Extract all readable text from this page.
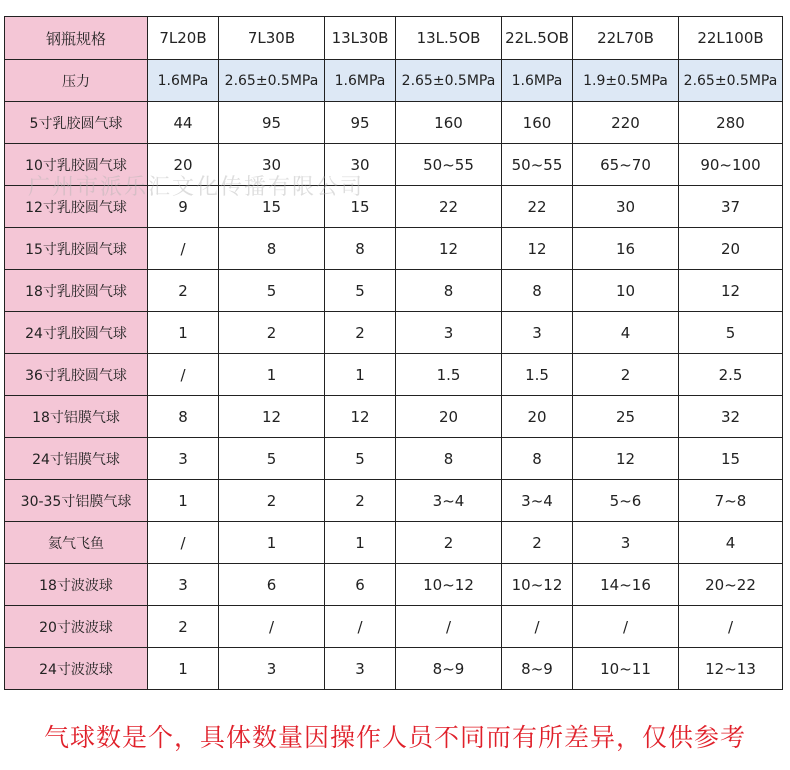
钢瓶规格	7L20B	7L30B	13L30B	13L.5OB	22L.5OB	22L70B	22L100B
压力	1.6MPa	2.65±0.5MPa	1.6MPa	2.65±0.5MPa	1.6MPa	1.9±0.5MPa	2.65±0.5MPa
5寸乳胶圆气球	44	95	95	160	160	220	280
10寸乳胶圆气球	20	30	30	50~55	50~55	65~70	90~100
12寸乳胶圆气球	9	15	15	22	22	30	37
15寸乳胶圆气球	/	8	8	12	12	16	20
18寸乳胶圆气球	2	5	5	8	8	10	12
24寸乳胶圆气球	1	2	2	3	3	4	5
36寸乳胶圆气球	/	1	1	1.5	1.5	2	2.5
18寸铝膜气球	8	12	12	20	20	25	32
24寸铝膜气球	3	5	5	8	8	12	15
30-35寸铝膜气球	1	2	2	3~4	3~4	5~6	7~8
氦气飞鱼	/	1	1	2	2	3	4
18寸波波球	3	6	6	10~12	10~12	14~16	20~22
20寸波波球	2	/	/	/	/	/	/
24寸波波球	1	3	3	8~9	8~9	10~11	12~13
广州市派乐汇文化传播有限公司
气球数是个，具体数量因操作人员不同而有所差异，仅供参考
